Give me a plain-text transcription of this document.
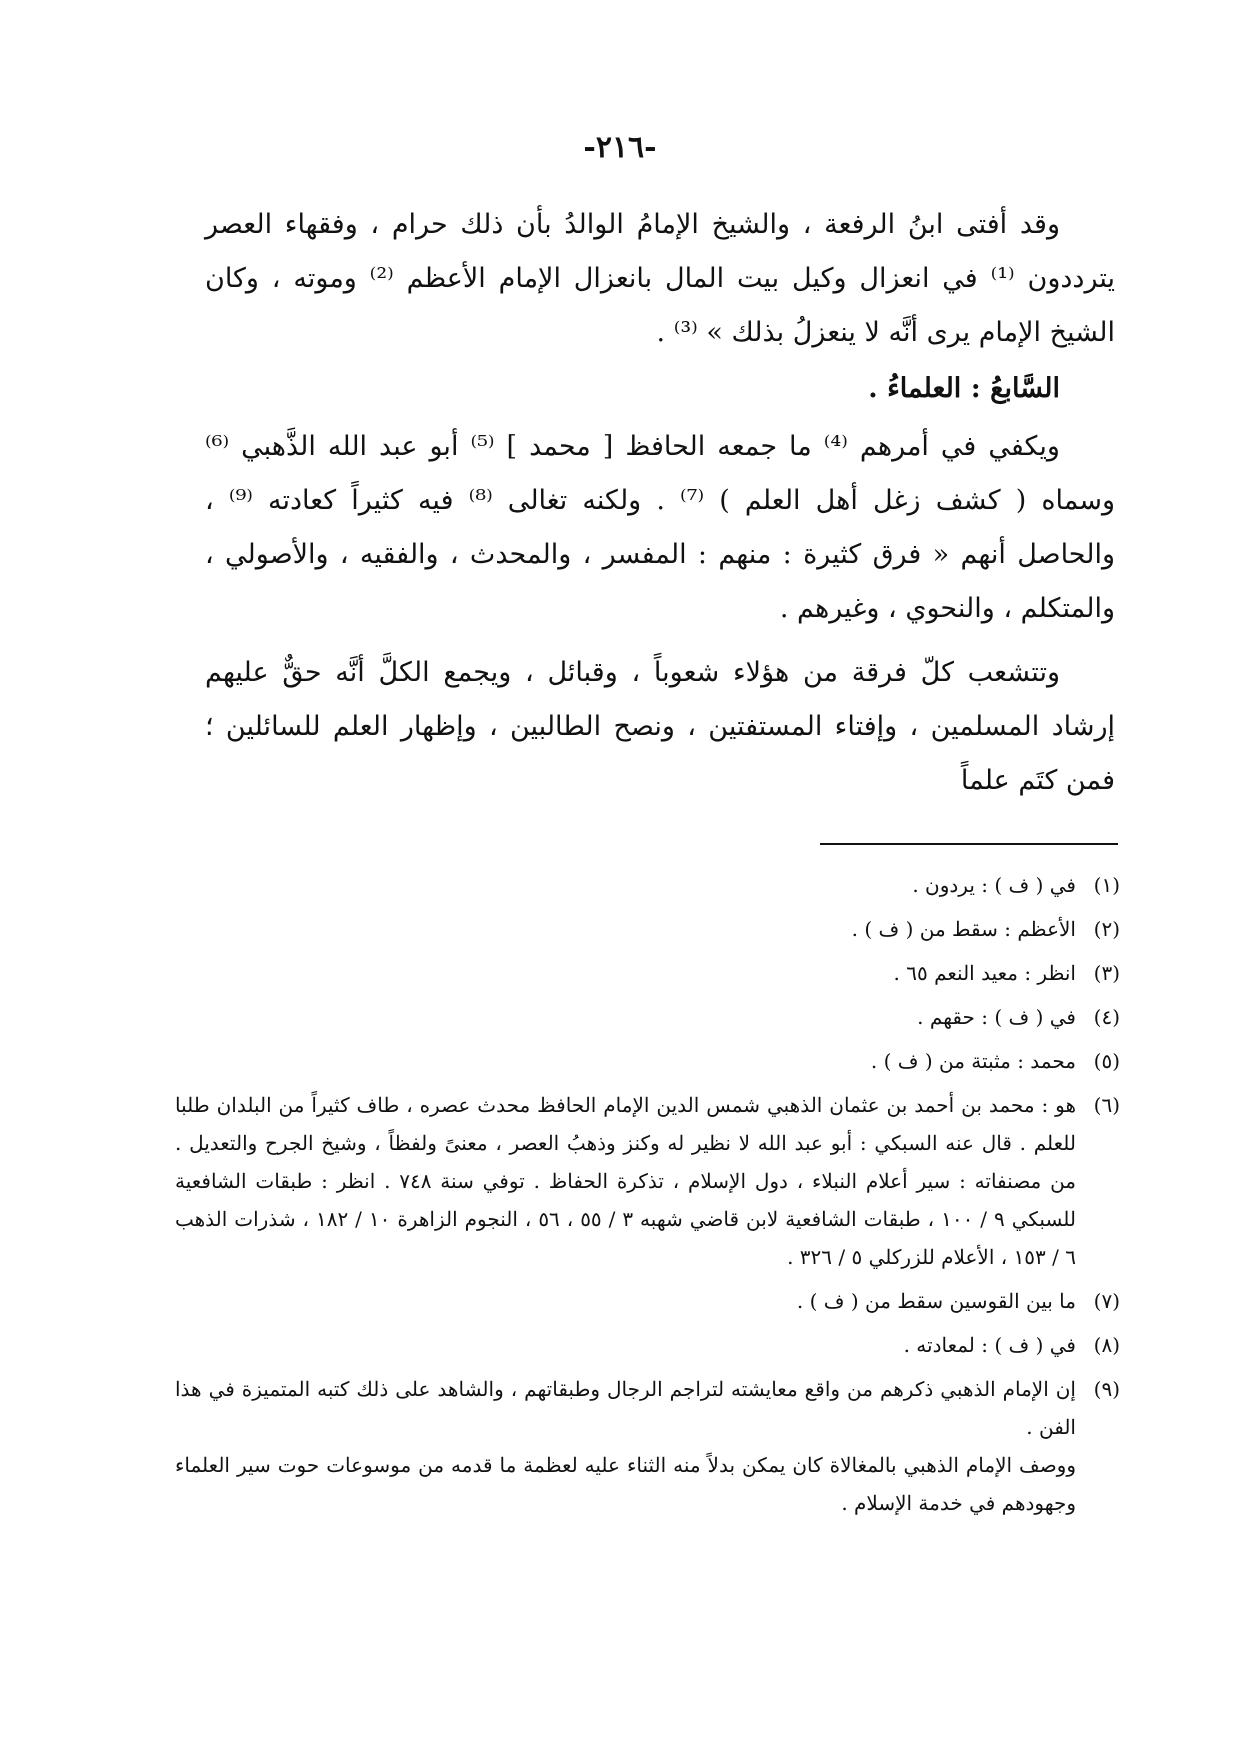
-٢١٦-

وقد أفتى ابنُ الرفعة ، والشيخ الإمامُ الوالدُ بأن ذلك حرام ، وفقهاء العصر يترددون ⁽¹⁾ في انعزال وكيل بيت المال بانعزال الإمام الأعظم ⁽²⁾ وموته ، وكان الشيخ الإمام يرى أنَّه لا ينعزلُ بذلك » ⁽³⁾ .

السَّابعُ : العلماءُ .

ويكفي في أمرهم ⁽⁴⁾ ما جمعه الحافظ [ محمد ] ⁽⁵⁾ أبو عبد الله الذَّهبي ⁽⁶⁾ وسماه ( كشف زغل أهل العلم ) ⁽⁷⁾ . ولكنه تغالى ⁽⁸⁾ فيه كثيراً كعادته ⁽⁹⁾ ، والحاصل أنهم « فرق كثيرة : منهم : المفسر ، والمحدث ، والفقيه ، والأصولي ، والمتكلم ، والنحوي ، وغيرهم .

وتتشعب كلّ فرقة من هؤلاء شعوباً ، وقبائل ، ويجمع الكلَّ أنَّه حقٌّ عليهم إرشاد المسلمين ، وإفتاء المستفتين ، ونصح الطالبين ، وإظهار العلم للسائلين ؛ فمن كتَم علماً

(١)
في ( ف ) : يردون .
(٢)
الأعظم : سقط من ( ف ) .
(٣)
انظر : معيد النعم ٦٥ .
(٤)
في ( ف ) : حقهم .
(٥)
محمد : مثبتة من ( ف ) .
(٦)
هو : محمد بن أحمد بن عثمان الذهبي شمس الدين الإمام الحافظ محدث عصره ، طاف كثيراً من البلدان طلبا للعلم . قال عنه السبكي : أبو عبد الله لا نظير له وكنز وذهبُ العصر ، معنىً ولفظاً ، وشيخ الجرح والتعديل . من مصنفاته : سير أعلام النبلاء ، دول الإسلام ، تذكرة الحفاظ . توفي سنة ٧٤٨ . انظر : طبقات الشافعية للسبكي ٩ / ١٠٠ ، طبقات الشافعية لابن قاضي شهبه ٣ / ٥٥ ، ٥٦ ، النجوم الزاهرة ١٠ / ١٨٢ ، شذرات الذهب ٦ / ١٥٣ ، الأعلام للزركلي ٥ / ٣٢٦ .
(٧)
ما بين القوسين سقط من ( ف ) .
(٨)
في ( ف ) : لمعادته .
(٩)
إن الإمام الذهبي ذكرهم من واقع معايشته لتراجم الرجال وطبقاتهم ، والشاهد على ذلك كتبه المتميزة في هذا الفن .
ووصف الإمام الذهبي بالمغالاة كان يمكن بدلاً منه الثناء عليه لعظمة ما قدمه من موسوعات حوت سير العلماء وجهودهم في خدمة الإسلام .
